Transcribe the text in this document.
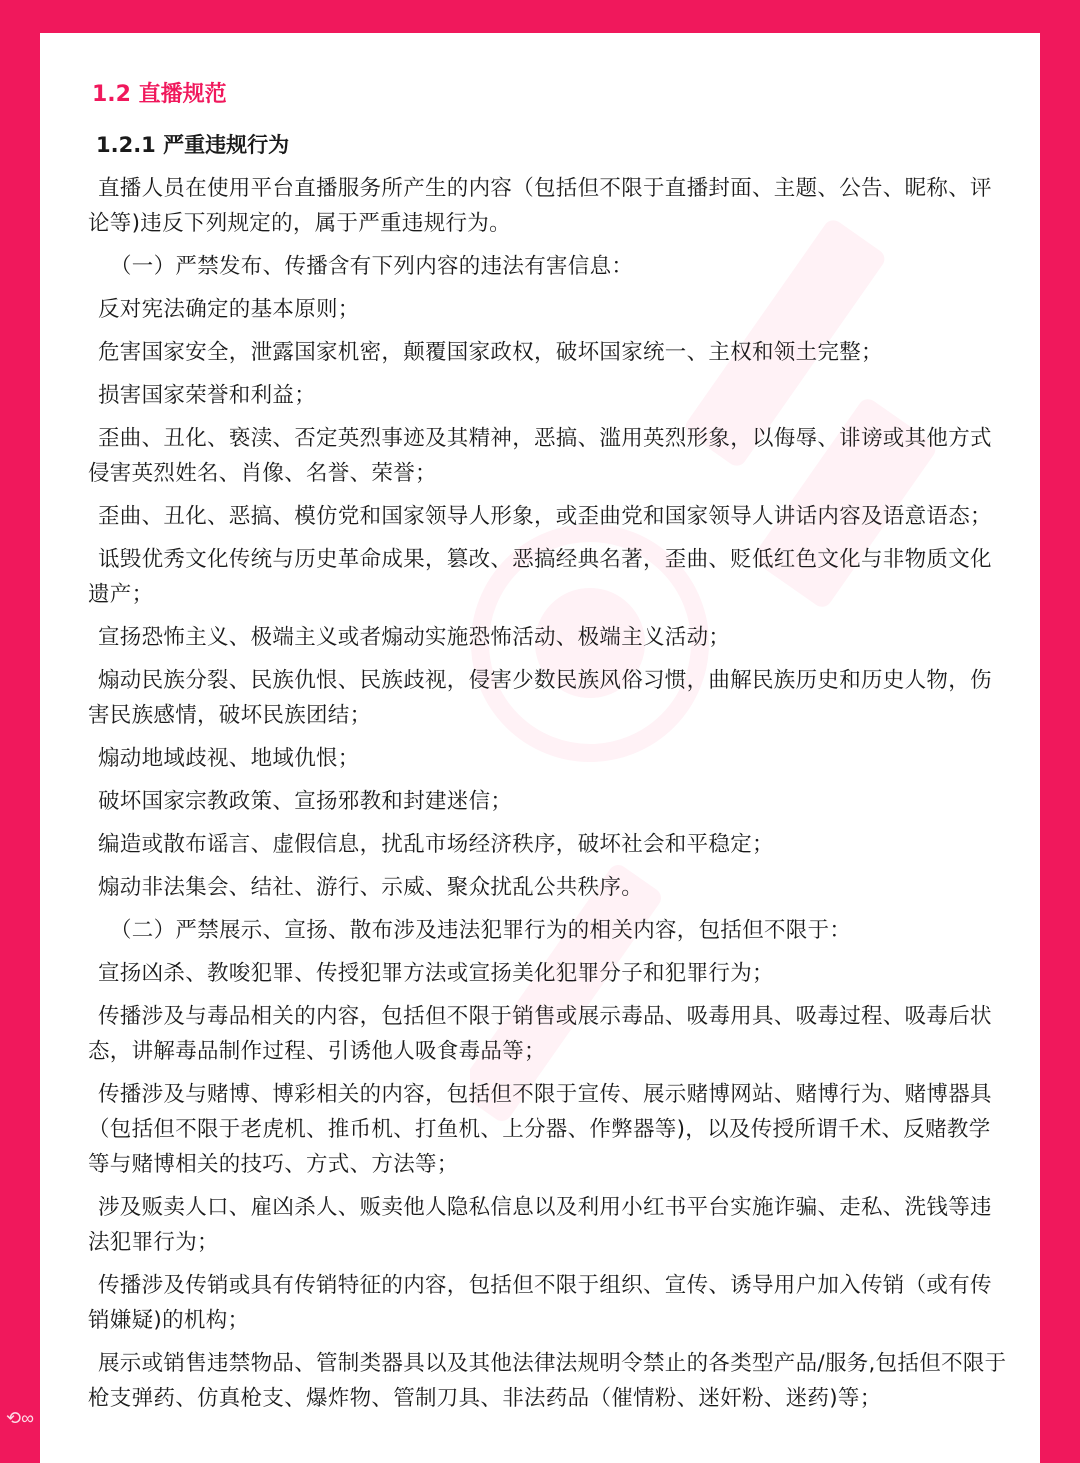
1.2 直播规范
1.2.1 严重违规行为

直播人员在使用平台直播服务所产生的内容（包括但不限于直播封面、主题、公告、昵称、评论等)违反下列规定的，属于严重违规行为。

（一）严禁发布、传播含有下列内容的违法有害信息：

反对宪法确定的基本原则；

危害国家安全，泄露国家机密，颠覆国家政权，破坏国家统一、主权和领土完整；

损害国家荣誉和利益；

歪曲、丑化、亵渎、否定英烈事迹及其精神，恶搞、滥用英烈形象，以侮辱、诽谤或其他方式侵害英烈姓名、肖像、名誉、荣誉；

歪曲、丑化、恶搞、模仿党和国家领导人形象，或歪曲党和国家领导人讲话内容及语意语态；

诋毁优秀文化传统与历史革命成果，篡改、恶搞经典名著，歪曲、贬低红色文化与非物质文化遗产；

宣扬恐怖主义、极端主义或者煽动实施恐怖活动、极端主义活动；

煽动民族分裂、民族仇恨、民族歧视，侵害少数民族风俗习惯，曲解民族历史和历史人物，伤害民族感情，破坏民族团结；

煽动地域歧视、地域仇恨；

破坏国家宗教政策、宣扬邪教和封建迷信；

编造或散布谣言、虚假信息，扰乱市场经济秩序，破坏社会和平稳定；

煽动非法集会、结社、游行、示威、聚众扰乱公共秩序。

（二）严禁展示、宣扬、散布涉及违法犯罪行为的相关内容，包括但不限于：

宣扬凶杀、教唆犯罪、传授犯罪方法或宣扬美化犯罪分子和犯罪行为；

传播涉及与毒品相关的内容，包括但不限于销售或展示毒品、吸毒用具、吸毒过程、吸毒后状态，讲解毒品制作过程、引诱他人吸食毒品等；

传播涉及与赌博、博彩相关的内容，包括但不限于宣传、展示赌博网站、赌博行为、赌博器具（包括但不限于老虎机、推币机、打鱼机、上分器、作弊器等)，以及传授所谓千术、反赌教学等与赌博相关的技巧、方式、方法等；

涉及贩卖人口、雇凶杀人、贩卖他人隐私信息以及利用小红书平台实施诈骗、走私、洗钱等违法犯罪行为；

传播涉及传销或具有传销特征的内容，包括但不限于组织、宣传、诱导用户加入传销（或有传销嫌疑)的机构；

展示或销售违禁物品、管制类器具以及其他法律法规明令禁止的各类型产品/服务,包括但不限于枪支弹药、仿真枪支、爆炸物、管制刀具、非法药品（催情粉、迷奸粉、迷药)等；

⟲∞
